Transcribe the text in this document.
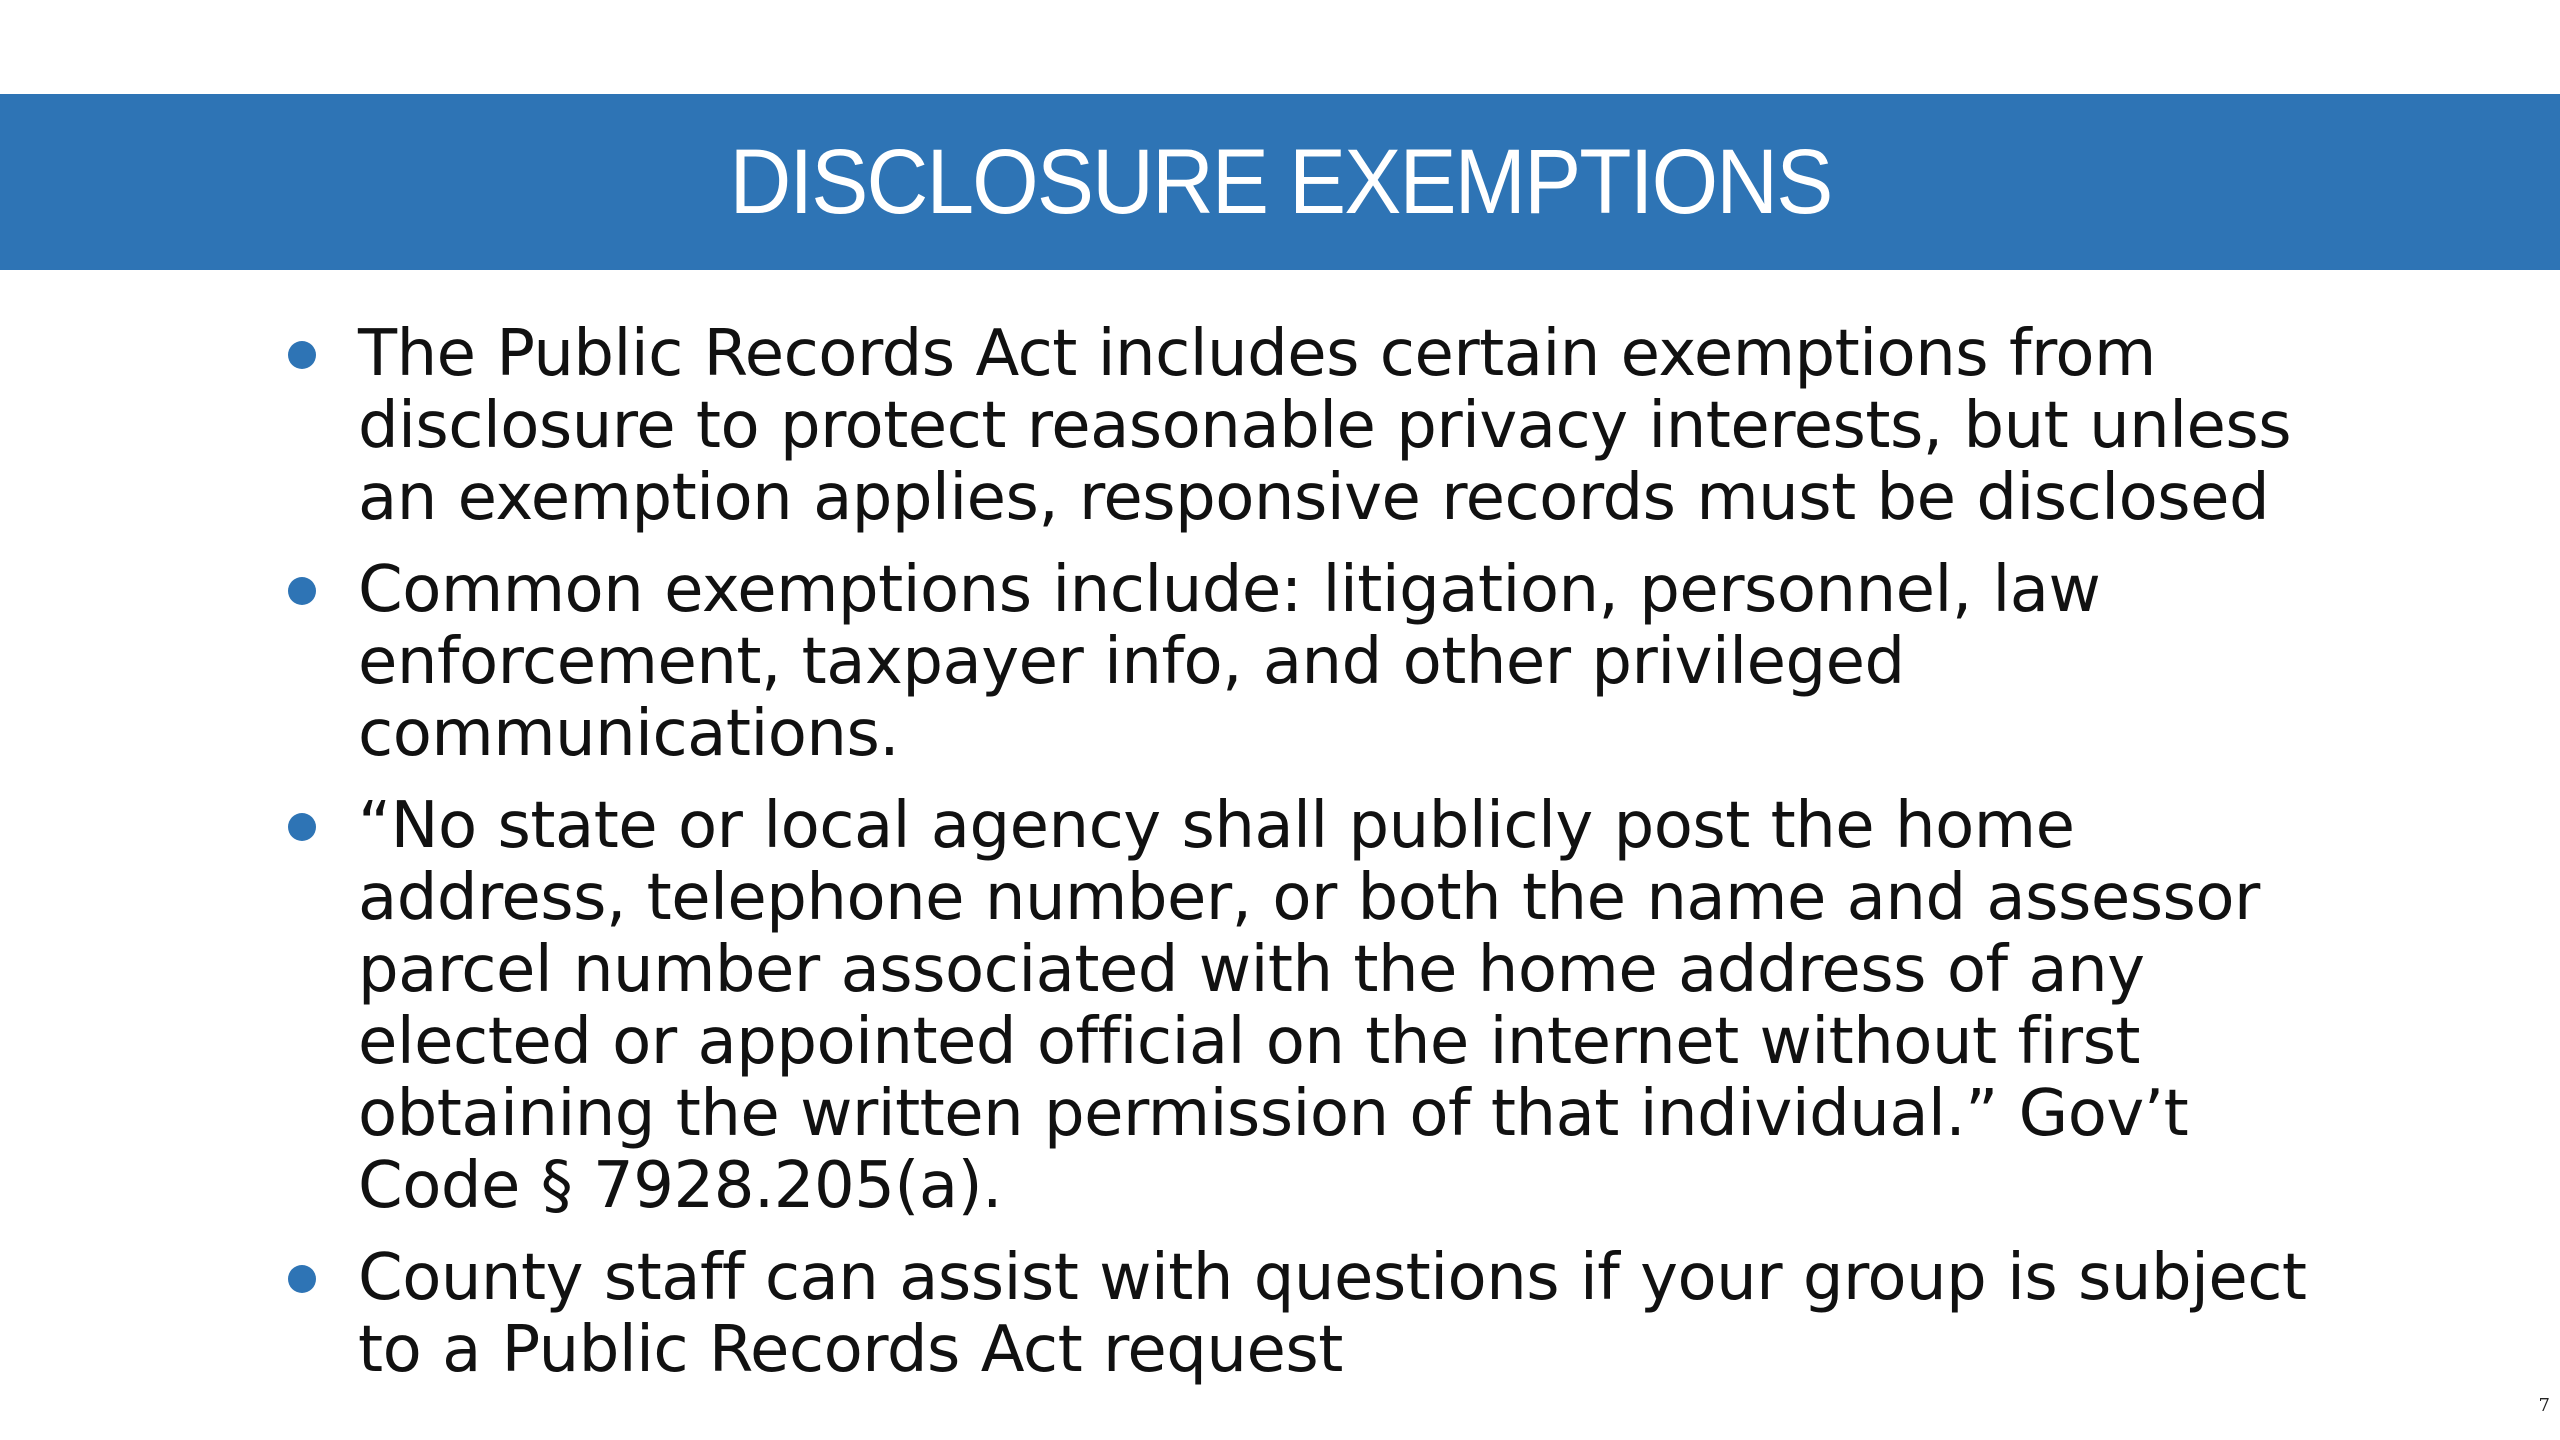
DISCLOSURE EXEMPTIONS
The Public Records Act includes certain exemptions from disclosure to protect reasonable privacy interests, but unless an exemption applies, responsive records must be disclosed
Common exemptions include: litigation, personnel, law enforcement, taxpayer info, and other privileged communications.
“No state or local agency shall publicly post the home address, telephone number, or both the name and assessor parcel number associated with the home address of any elected or appointed official on the internet without first obtaining the written permission of that individual.” Gov’t Code § 7928.205(a).
County staff can assist with questions if your group is subject to a Public Records Act request
7
